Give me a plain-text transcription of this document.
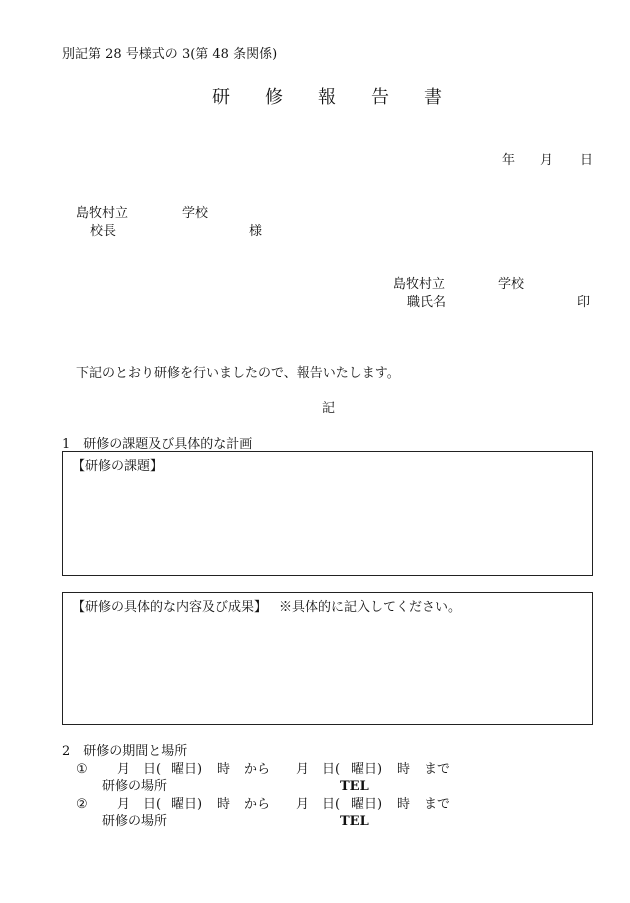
別記第 28 号様式の 3(第 48 条関係)
研 修 報 告 書
年 月 日
島牧村立	学校
校長	様
島牧村立	学校
職氏名	印
下記のとおり研修を行いましたので、報告いたします。
記
1　研修の課題及び具体的な計画
【研修の課題】
【研修の具体的な内容及び成果】 ※具体的に記入してください。
2　研修の期間と場所
① 月 日( 曜日) 時 から 月 日( 曜日) 時 まで
研修の場所	TEL
② 月 日( 曜日) 時 から 月 日( 曜日) 時 まで
研修の場所	TEL
